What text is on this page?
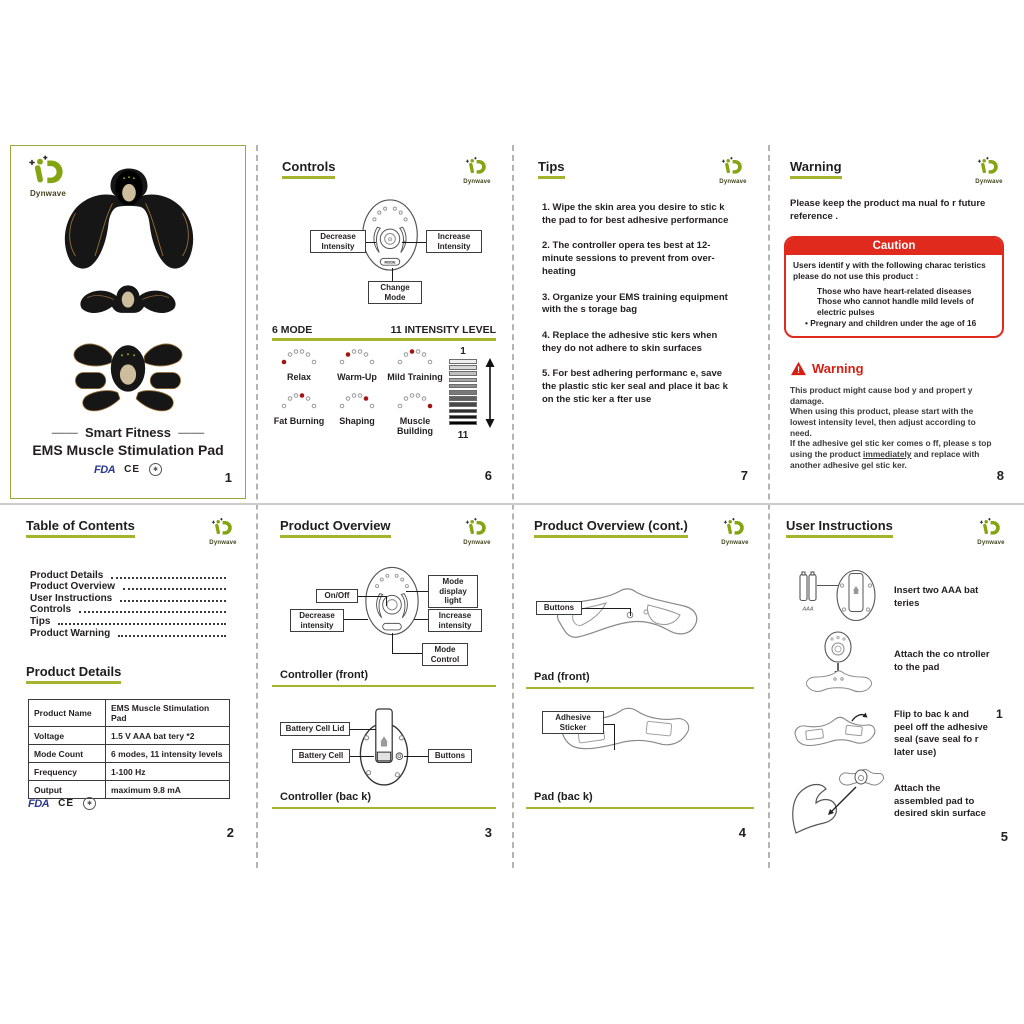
Dynwave
——  Smart Fitness  ——
EMS Muscle Stimulation Pad
FDA CE	✱	1
Controls
Dynwave
⚙
MODE
Decrease Intensity
Increase Intensity
Change Mode
6 MODE	11 INTENSITY LEVEL
Relax	Warm-Up	Mild Training
Fat Burning	Shaping	Muscle Building
1
11
6
Tips
Dynwave
1. Wipe the skin area you desire to stic k the pad to for best adhesive performance
2. The controller opera tes best at 12-minute sessions to prevent from over-heating
3. Organize your EMS training equipment with the s torage bag
4. Replace the adhesive stic kers when they do not adhere to skin surfaces
5. For best adhering performanc e, save the plastic stic ker seal and place it bac k on the stic ker a fter use
7
Warning
Dynwave
Please keep the product ma nual fo r future reference .
Caution
Users identif y with the following charac teristics please do not use this product :
Those who have heart-related diseases
Those who cannot handle mild levels of electric pulses
• Pregnary and children under the age of 16
! Warning
This product might cause bod y and propert y damage.
When using this product, please start with the lowest intensity level, then adjust according to need.
If the adhesive gel stic ker comes o ff, please s top using the product immediately and replace with another adhesive gel stic ker.
8
Table of Contents
Dynwave
Product Details
Product Overview
User Instructions
Controls
Tips
Product Warning
Product Details
Product Name	EMS Muscle Stimulation Pad
Voltage	1.5 V AAA bat tery *2
Mode Count	6 modes, 11 intensity levels
Frequency	1-100 Hz
Output	maximum 9.8 mA
FDA CE	✱
2
Product Overview
Dynwave
On/Off
Mode display light
Decrease intensity
Increase intensity
Mode Control
Controller (front)
Battery Cell Lid
Battery Cell	Buttons
Controller (bac k)
3
Product Overview (cont.)
Dynwave
Buttons
Pad (front)
Adhesive Sticker
Pad (bac k)
4
User Instructions
Dynwave
AAA
Insert two AAA bat teries
Attach the co ntroller to the pad
Flip to bac k and peel off the adhesive seal (save seal fo r later use)
1
Attach the assembled pad to desired skin surface
5
